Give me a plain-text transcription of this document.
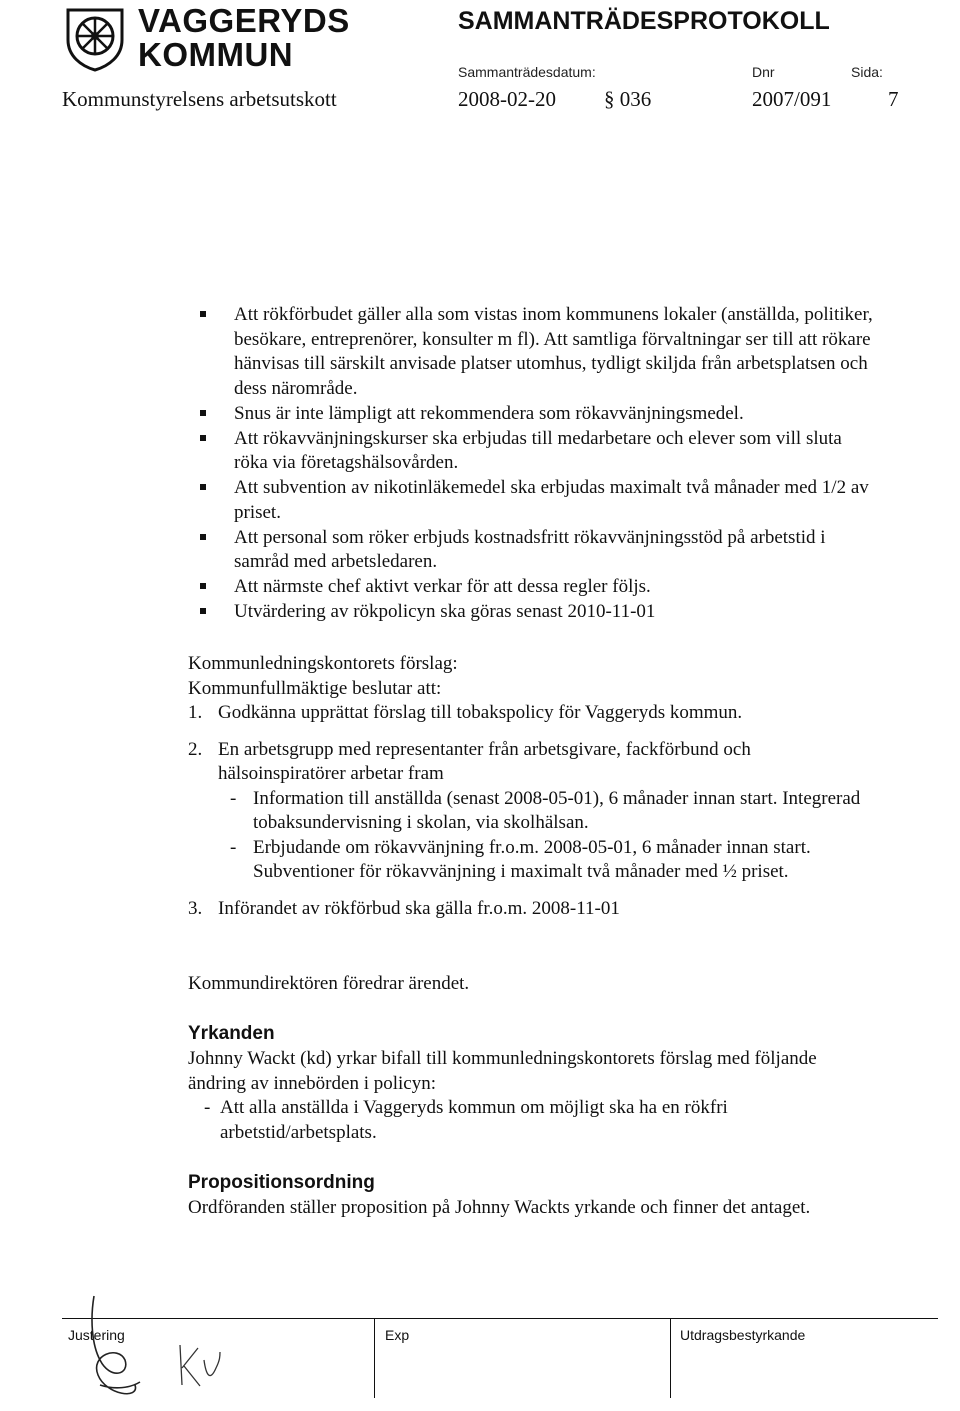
VAGGERYDS
KOMMUN
SAMMANTRÄDESPROTOKOLL
Sammanträdesdatum:	Dnr	Sida:
Kommunstyrelsens arbetsutskott	2008-02-20 § 036	2007/091	7
Att rökförbudet gäller alla som vistas inom kommunens lokaler (anställda, politiker, besökare, entreprenörer, konsulter m fl). Att samtliga förvaltningar ser till att rökare hänvisas till särskilt anvisade platser utomhus, tydligt skiljda från arbetsplatsen och dess närområde.
Snus är inte lämpligt att rekommendera som rökavvänjningsmedel.
Att rökavvänjningskurser ska erbjudas till medarbetare och elever som vill sluta röka via företagshälsovården.
Att subvention av nikotinläkemedel ska erbjudas maximalt två månader med 1/2 av priset.
Att personal som röker erbjuds kostnadsfritt rökavvänjningsstöd på arbetstid i samråd med arbetsledaren.
Att närmste chef aktivt verkar för att dessa regler följs.
Utvärdering av rökpolicyn ska göras senast 2010-11-01
Kommunledningskontorets förslag:
Kommunfullmäktige beslutar att:
1. Godkänna upprättat förslag till tobakspolicy för Vaggeryds kommun.
2. En arbetsgrupp med representanter från arbetsgivare, fackförbund och hälsoinspiratörer arbetar fram
- Information till anställda (senast 2008-05-01), 6 månader innan start. Integrerad tobaksundervisning i skolan, via skolhälsan.
- Erbjudande om rökavvänjning fr.o.m. 2008-05-01, 6 månader innan start. Subventioner för rökavvänjning i maximalt två månader med ½ priset.
3. Införandet av rökförbud ska gälla fr.o.m. 2008-11-01
Kommundirektören föredrar ärendet.
Yrkanden
Johnny Wackt (kd) yrkar bifall till kommunledningskontorets förslag med följande ändring av innebörden i policyn:
- Att alla anställda i Vaggeryds kommun om möjligt ska ha en rökfri arbetstid/arbetsplats.
Propositionsordning
Ordföranden ställer proposition på Johnny Wackts yrkande och finner det antaget.
Justering	Exp	Utdragsbestyrkande
